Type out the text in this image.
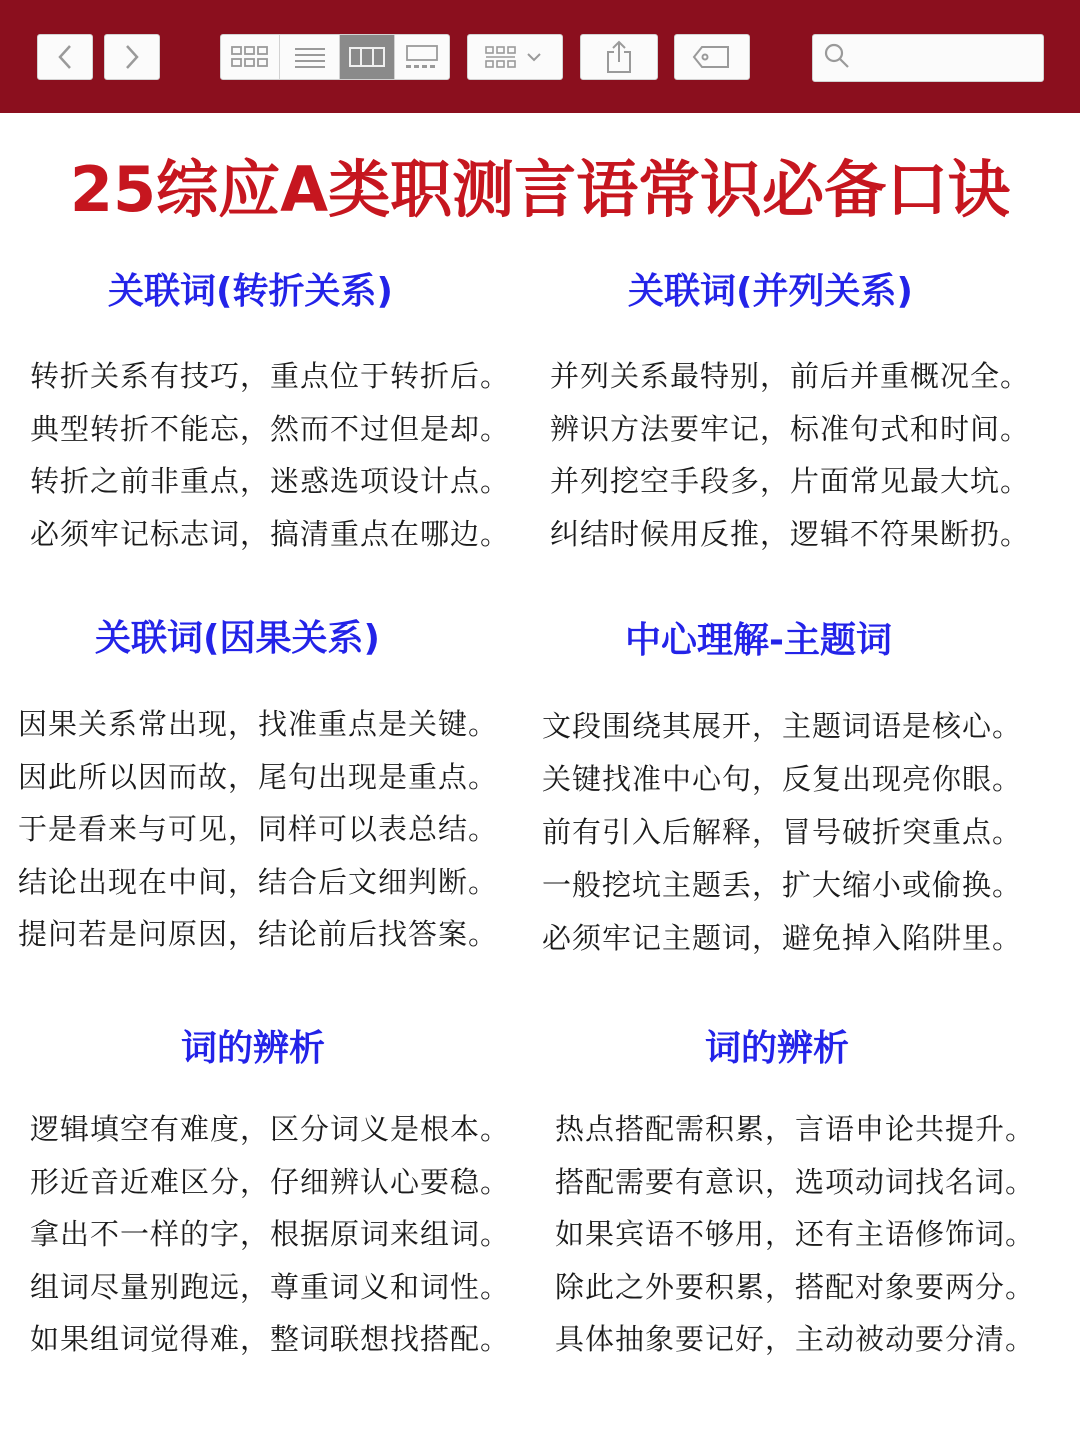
25综应A类职测言语常识必备口诀
关联词(转折关系)
转折关系有技巧，重点位于转折后。
典型转折不能忘，然而不过但是却。
转折之前非重点，迷惑选项设计点。
必须牢记标志词，搞清重点在哪边。
关联词(并列关系)
并列关系最特别，前后并重概况全。
辨识方法要牢记，标准句式和时间。
并列挖空手段多，片面常见最大坑。
纠结时候用反推，逻辑不符果断扔。
关联词(因果关系)
因果关系常出现，找准重点是关键。
因此所以因而故，尾句出现是重点。
于是看来与可见，同样可以表总结。
结论出现在中间，结合后文细判断。
提问若是问原因，结论前后找答案。
中心理解-主题词
文段围绕其展开，主题词语是核心。
关键找准中心句，反复出现亮你眼。
前有引入后解释，冒号破折突重点。
一般挖坑主题丢，扩大缩小或偷换。
必须牢记主题词，避免掉入陷阱里。
词的辨析
逻辑填空有难度，区分词义是根本。
形近音近难区分，仔细辨认心要稳。
拿出不一样的字，根据原词来组词。
组词尽量别跑远，尊重词义和词性。
如果组词觉得难，整词联想找搭配。
词的辨析
热点搭配需积累，言语申论共提升。
搭配需要有意识，选项动词找名词。
如果宾语不够用，还有主语修饰词。
除此之外要积累，搭配对象要两分。
具体抽象要记好，主动被动要分清。
